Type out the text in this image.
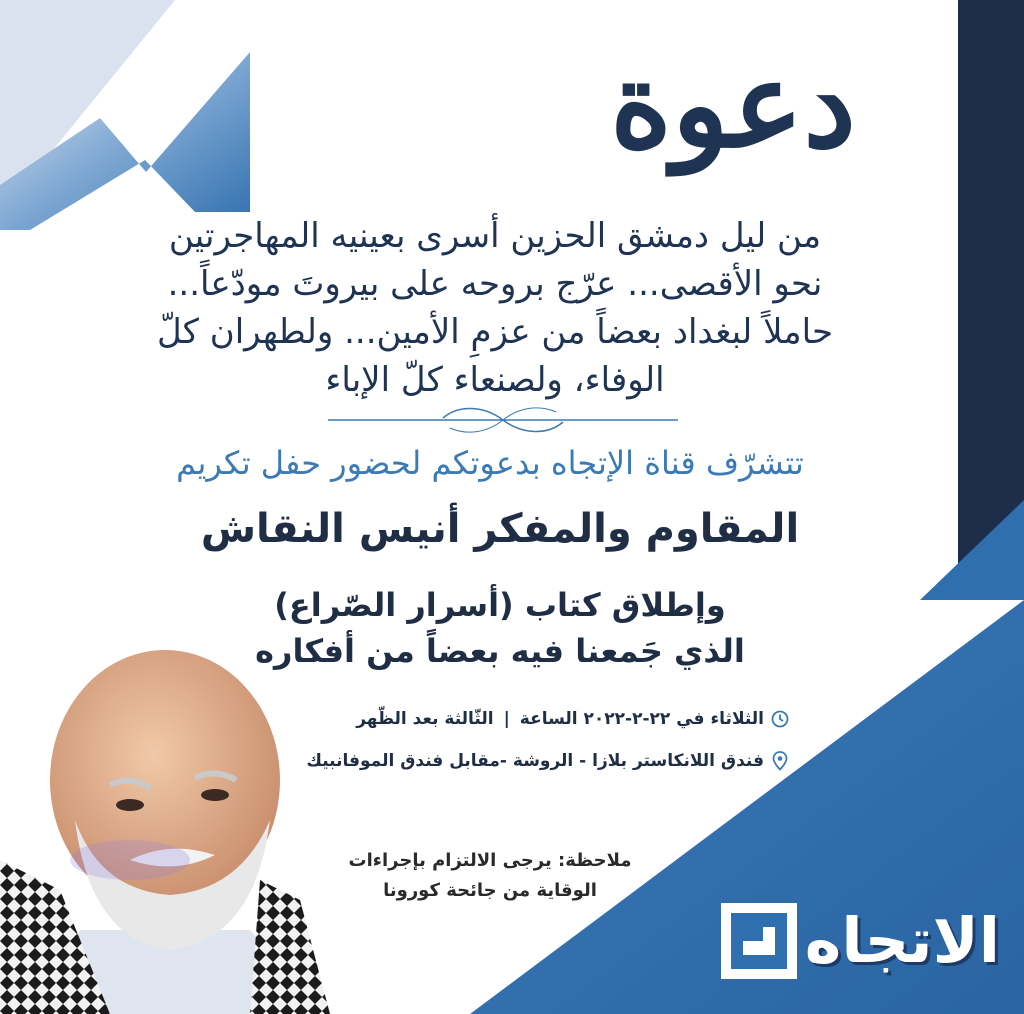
دعوة

من ليل دمشق الحزين أسرى بعينيه المهاجرتين

نحو الأقصى... عرّج بروحه على بيروتَ مودّعاً...

حاملاً لبغداد بعضاً من عزمِ الأمين... ولطهران كلّ

الوفاء، ولصنعاء كلّ الإباء

تتشرّف قناة الإتجاه بدعوتكم لحضور حفل تكريم
المقاوم والمفكر أنيس النقاش

وإطلاق كتاب (أسرار الصّراع)

الذي جَمعنا فيه بعضاً من أفكاره

الثلاثاء في ٢٢-٢-٢٠٢٢ الساعة
|
الثّالثة بعد الظّهر
فندق اللانكاستر بلازا - الروشة -مقابل فندق الموفانبيك

ملاحظة: يرجى الالتزام بإجراءات

الوقاية من جائحة كورونا

الاتجاه
